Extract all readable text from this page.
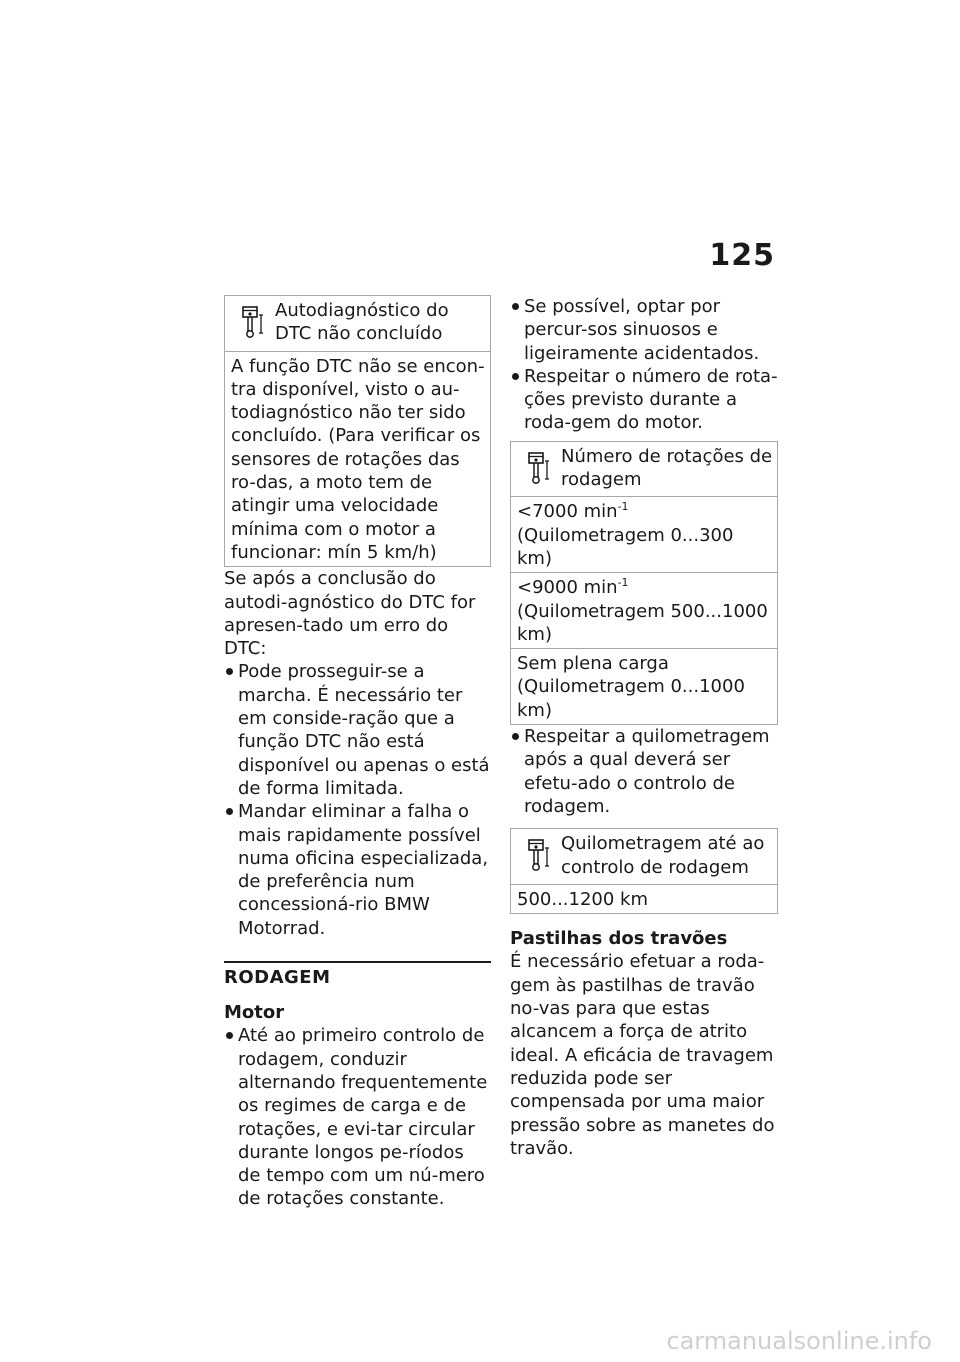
125
Autodiagnóstico do DTC não concluído
A função DTC não se encon-tra disponível, visto o au-todiagnóstico não ter sido concluído. (Para verificar os sensores de rotações das ro-das, a moto tem de atingir uma velocidade mínima com o motor a funcionar: mín 5 km/h)

Se após a conclusão do autodi-agnóstico do DTC for apresen-tado um erro do DTC:

Pode prosseguir-se a marcha. É necessário ter em conside-ração que a função DTC não está disponível ou apenas o está de forma limitada.
Mandar eliminar a falha o mais rapidamente possível numa oficina especializada, de preferência num concessioná-rio BMW Motorrad.
RODAGEM
Motor
Até ao primeiro controlo de rodagem, conduzir alternando frequentemente os regimes de carga e de rotações, e evi-tar circular durante longos pe-ríodos de tempo com um nú-mero de rotações constante.
Se possível, optar por percur-sos sinuosos e ligeiramente acidentados.
Respeitar o número de rota-ções previsto durante a roda-gem do motor.
Número de rotações de rodagem
<7000 $\min^{-1}$ (Quilometragem 0...300 km)
<9000 $\min^{-1}$ (Quilometragem 500...1000 km)
Sem plena carga (Quilometragem 0...1000 km)
Respeitar a quilometragem após a qual deverá ser efetu-ado o controlo de rodagem.
Quilometragem até ao controlo de rodagem
500...1200 km
Pastilhas dos travões

É necessário efetuar a roda-gem às pastilhas de travão no-vas para que estas alcancem a força de atrito ideal. A eficácia de travagem reduzida pode ser compensada por uma maior pressão sobre as manetes do travão.

carmanualsonline.info
